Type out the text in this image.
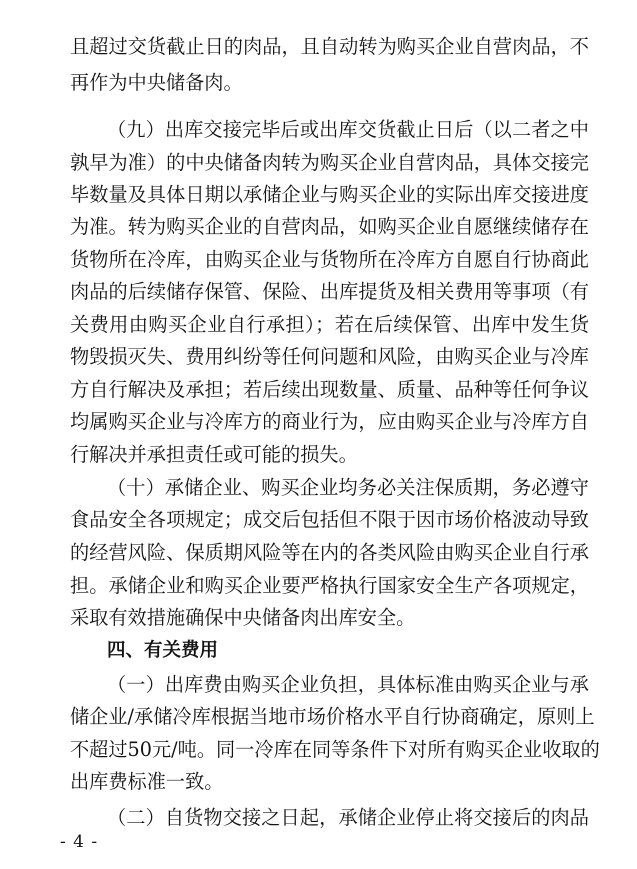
且超过交货截止日的肉品，且自动转为购买企业自营肉品，不
再作为中央储备肉。
（九）出库交接完毕后或出库交货截止日后（以二者之中
孰早为准）的中央储备肉转为购买企业自营肉品，具体交接完
毕数量及具体日期以承储企业与购买企业的实际出库交接进度
为准。转为购买企业的自营肉品，如购买企业自愿继续储存在
货物所在冷库，由购买企业与货物所在冷库方自愿自行协商此
肉品的后续储存保管、保险、出库提货及相关费用等事项（有
关费用由购买企业自行承担）；若在后续保管、出库中发生货
物毁损灭失、费用纠纷等任何问题和风险，由购买企业与冷库
方自行解决及承担；若后续出现数量、质量、品种等任何争议
均属购买企业与冷库方的商业行为，应由购买企业与冷库方自
行解决并承担责任或可能的损失。
（十）承储企业、购买企业均务必关注保质期，务必遵守
食品安全各项规定；成交后包括但不限于因市场价格波动导致
的经营风险、保质期风险等在内的各类风险由购买企业自行承
担。承储企业和购买企业要严格执行国家安全生产各项规定，
采取有效措施确保中央储备肉出库安全。
四、有关费用
（一）出库费由购买企业负担，具体标准由购买企业与承
储企业/承储冷库根据当地市场价格水平自行协商确定，原则上
不超过50元/吨。同一冷库在同等条件下对所有购买企业收取的
出库费标准一致。
（二）自货物交接之日起，承储企业停止将交接后的肉品
- 4 -
